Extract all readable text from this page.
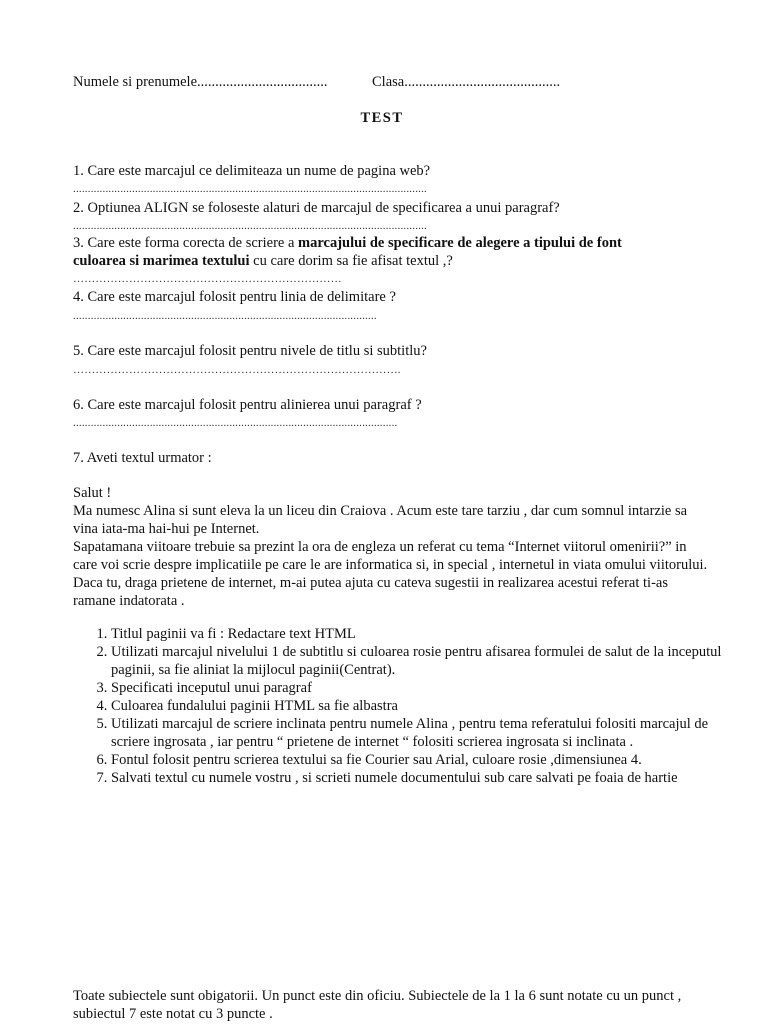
Numele si prenumele....................................	Clasa...........................................
TEST
1. Care este marcajul ce delimiteaza un nume de pagina web?
........................................................................................................................
2. Optiunea ALIGN se foloseste alaturi de marcajul de specificarea a unui paragraf?
........................................................................................................................
3. Care este forma corecta de scriere a marcajului de specificare de alegere a tipului de font culoarea si marimea textului cu care dorim sa fie afisat textul ,?
………………………………………………………………
4. Care este marcajul folosit pentru linia de delimitare ?
.......................................................................................................
5. Care este marcajul folosit pentru nivele de titlu si subtitlu?
…………………………………………………………………………….
6. Care este marcajul folosit pentru alinierea unui paragraf ?
..............................................................................................................
7. Aveti textul urmator :

Salut !

Ma numesc Alina si sunt eleva la un liceu din Craiova . Acum este tare tarziu , dar cum somnul intarzie sa vina iata-ma hai-hui pe Internet.

Sapatamana viitoare trebuie sa prezint la ora de engleza un referat cu tema “Internet viitorul omenirii?” in care voi scrie despre implicatiile pe care le are informatica si, in special , internetul in viata omului viitorului.

Daca tu, draga prietene de internet, m-ai putea ajuta cu cateva sugestii in realizarea acestui referat ti-as ramane indatorata .

1. Titlul paginii va fi : Redactare text HTML
2. Utilizati marcajul nivelului 1 de subtitlu si culoarea rosie pentru afisarea formulei de salut de la inceputul paginii, sa fie aliniat la mijlocul paginii(Centrat).
3. Specificati inceputul unui paragraf
4. Culoarea fundalului paginii HTML sa fie albastra
5. Utilizati marcajul de scriere inclinata pentru numele Alina , pentru tema referatului folositi marcajul de scriere ingrosata , iar pentru “ prietene de internet “ folositi scrierea ingrosata si inclinata .
6. Fontul folosit pentru scrierea textului sa fie Courier sau Arial, culoare rosie ,dimensiunea 4.
7. Salvati textul cu numele vostru , si scrieti numele documentului sub care salvati pe foaia de hartie
Toate subiectele sunt obigatorii. Un punct este din oficiu. Subiectele de la 1 la 6 sunt notate cu un punct , subiectul 7 este notat cu 3 puncte .
